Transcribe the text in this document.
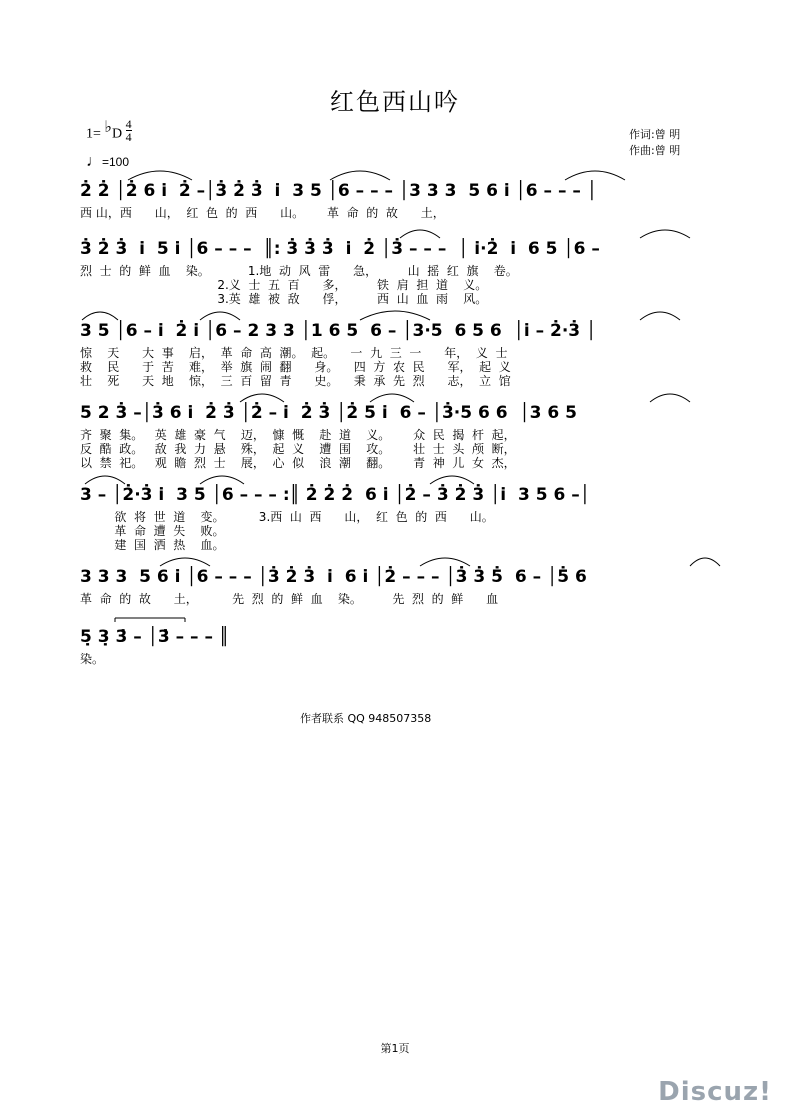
红色西山吟
1= ♭D $\frac{4}{4}$
♩=100
作词:曾 明
作曲:曾 明
2̇ 2̇ │2̇ 6 i̇  2̇ –│3̇ 2̇ 3̇  i̇  3 5 │6 – – – │3 3 3  5 6 i̇ │6 – – – │
西 山，西      山，  红  色  的  西      山。      革  命  的  故      土，
3̇ 2̇ 3̇  i̇  5 i̇ │6 – – –  ║: 3̇ 3̇ 3̇  i̇  2̇ │3̇ – – –  │ i̇·2̇  i̇  6 5 │6 –
烈  士  的  鲜  血    染。          1.地  动  风  雷      急，        山  摇  红  旗    卷。
2.义  士  五  百      多，        铁  肩  担  道    义。
3.英  雄  被  敌      俘，        西  山  血  雨    风。
3 5 │6 – i̇  2̇ i̇ │6 – 2 3 3 │1 6 5  6 – │3·5  6 5 6  │i̇ – 2̇·3̇ │
惊    天      大  事    启，  革  命  高  潮。  起。    一  九  三  一      年，  义  士
救    民      于  苦    难，  举  旗  闹  翻      身。    四  方  农  民      军，  起  义
壮    死      天  地    惊，  三  百  留  青      史。    秉  承  先  烈      志，  立  馆
5 2 3̇ –│3̇ 6 i̇  2̇ 3̇ │2̇ – i̇  2̇ 3̇ │2̇ 5 i̇  6 – │3̇·5 6 6  │3 6 5
齐  聚  集。   英  雄  豪  气    迈，  慷  慨    赴  道    义。      众  民  揭  杆  起，
反  酷  政。   敌  我  力  悬    殊，  起  义    遭  围    攻。      壮  士  头  颅  断，
以  禁  祀。   观  瞻  烈  士    展，  心  似    浪  潮    翻。      青  神  儿  女  杰，
3 – │2̇·3̇ i̇  3 5 │6 – – – :║ 2̇ 2̇ 2̇  6 i̇ │2̇ – 3̇ 2̇ 3̇ │i̇  3 5 6 –│
欲  将  世  道    变。         3.西  山  西      山，  红  色  的  西      山。
革  命  遭  失    败。
建  国  洒  热    血。
3 3 3  5 6 i̇ │6 – – – │3̇ 2̇ 3̇  i̇  6 i̇ │2̇ – – – │3̇ 3̇ 5̇  6 – │5̇ 6
革  命  的  故      土，         先  烈  的  鲜  血    染。        先  烈  的  鲜      血
5̣ 3̣ 3̇ – │3̇ – – – ║
染。
作者联系 QQ 948507358
第1页
Discuz!
